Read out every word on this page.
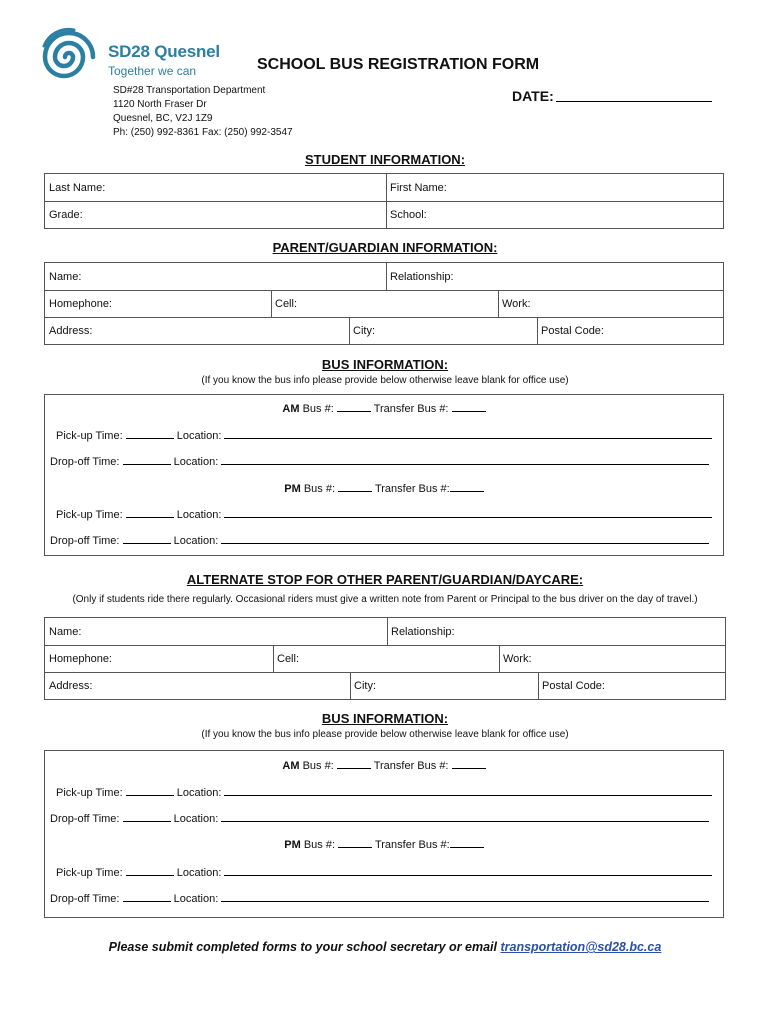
SD28 Quesnel
Together we can	SCHOOL BUS REGISTRATION FORM
SD#28 Transportation Department
1120 North Fraser Dr
Quesnel, BC, V2J 1Z9
Ph: (250) 992-8361 Fax: (250) 992-3547
DATE:
STUDENT INFORMATION:
Last Name:	First Name:
Grade:	School:
PARENT/GUARDIAN INFORMATION:
Name:	Relationship:
Homephone:	Cell:	Work:
Address:	City:	Postal Code:
BUS INFORMATION:
(If you know the bus info please provide below otherwise leave blank for office use)
AM Bus #:	Transfer Bus #:
Pick-up Time:	Location:
Drop-off Time:	Location:
PM Bus #:	Transfer Bus #:
Pick-up Time:	Location:
Drop-off Time:	Location:
ALTERNATE STOP FOR OTHER PARENT/GUARDIAN/DAYCARE:
(Only if students ride there regularly. Occasional riders must give a written note from Parent or Principal to the bus driver on the day of travel.)
Name:	Relationship:
Homephone:	Cell:	Work:
Address:	City:	Postal Code:
BUS INFORMATION:
(If you know the bus info please provide below otherwise leave blank for office use)
AM Bus #:	Transfer Bus #:
Pick-up Time:	Location:
Drop-off Time:	Location:
PM Bus #:	Transfer Bus #:
Pick-up Time:	Location:
Drop-off Time:	Location:
Please submit completed forms to your school secretary or email transportation@sd28.bc.ca
